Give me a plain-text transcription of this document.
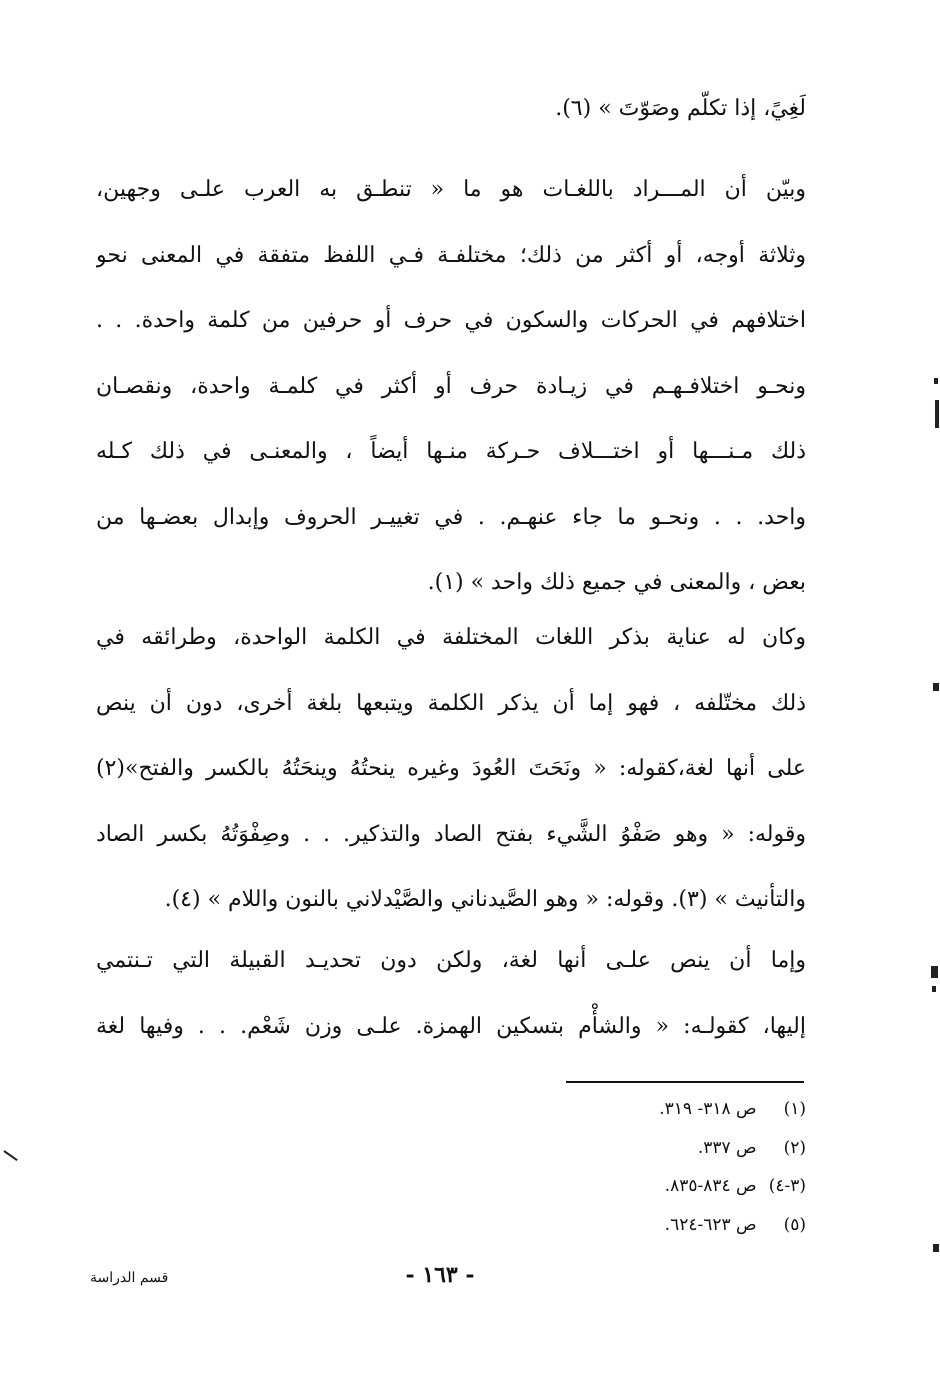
لَغِيً، إذا تكلّم وصَوّتَ » (٦).
وبيّن أن المـــراد باللغـات هو ما « تنطـق به العرب علـى وجهين،
وثلاثة أوجه، أو أكثر من ذلك؛ مختلفـة فـي اللفظ متفقة في المعنى نحو
اختلافهم في الحركات والسكون في حرف أو حرفين من كلمة واحدة. . .
ونحـو اختلافـهـم في زيـادة حرف أو أكثر في كلمـة واحدة، ونقصـان
ذلك مـنـــها أو اختـــلاف حـركة منـها أيضاً ، والمعنـى في ذلك كـله
واحد. . . ونحـو ما جاء عنهـم. . في تغييـر الحروف وإبدال بعضـها من
بعض ، والمعنى في جميع ذلك واحد » (١).
وكان له عناية بذكر اللغات المختلفة في الكلمة الواحدة، وطرائقه في
ذلك مختّلفه ، فهو إما أن يذكر الكلمة ويتبعها بلغة أخرى، دون أن ينص
على أنها لغة،كقوله: « ونَحَتَ العُودَ وغيره ينحتُهُ وينحَتُهُ بالكسر والفتح»(٢)
وقوله: « وهو صَفْوُ الشَّيء بفتح الصاد والتذكير. . . وصِفْوَتُهُ بكسر الصاد
والتأنيث » (٣). وقوله: « وهو الصَّيدناني والصَّيْدلاني بالنون واللام » (٤).
وإما أن ينص علـى أنها لغة، ولكن دون تحديـد القبيلة التي تـنتمي
إليها، كقولـه: « والشأْم بتسكين الهمزة. علـى وزن شَعْم. . . وفيها لغة
(١) ص ٣١٨- ٣١٩.
(٢) ص ٣٣٧.
(٣-٤) ص ٨٣٤-٨٣٥.
(٥) ص ٦٢٣-٦٢٤.
- ١٦٣ -
قسم الدراسة
